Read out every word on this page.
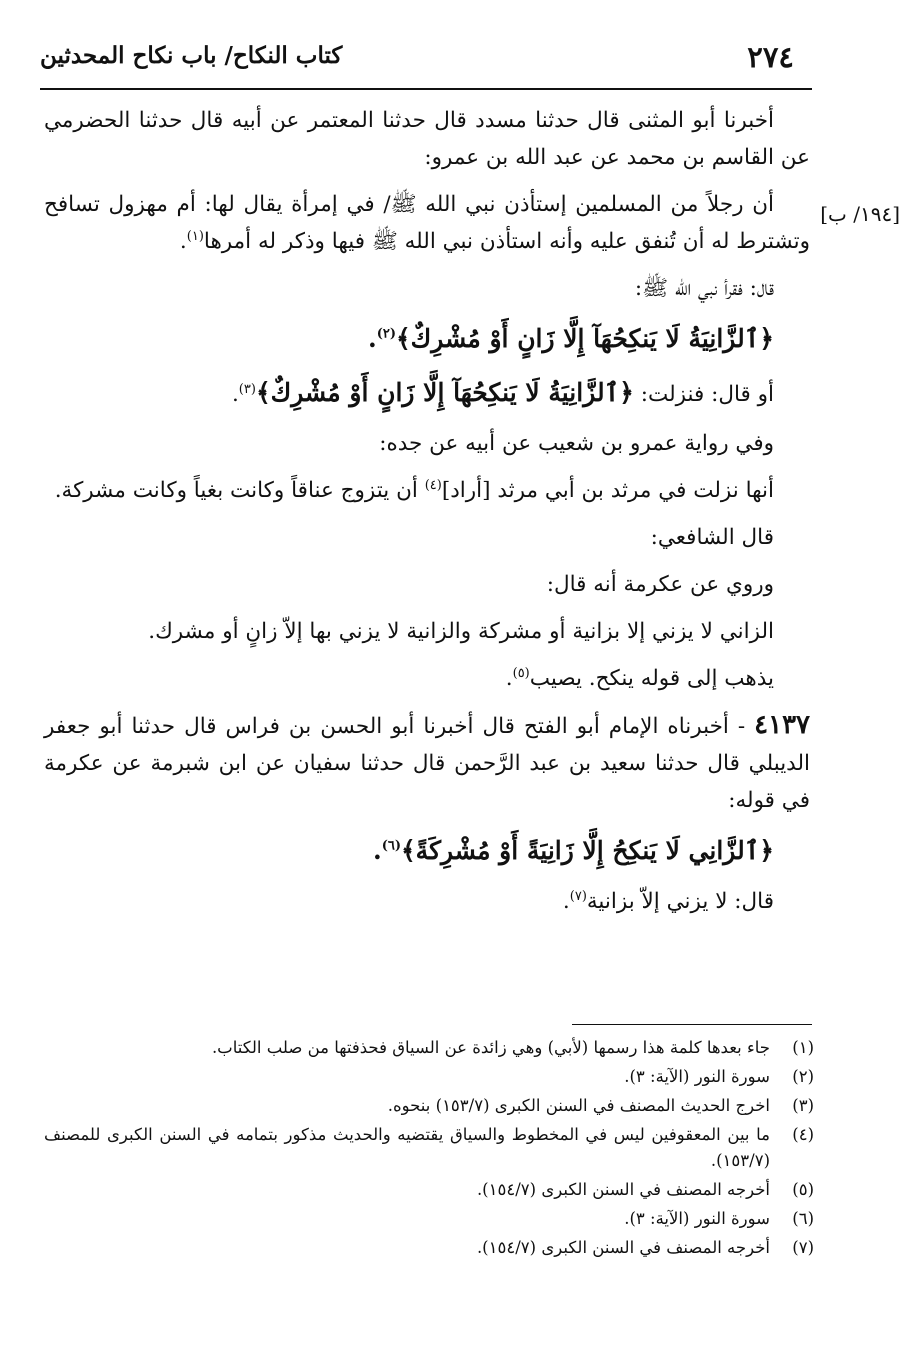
٢٧٤
كتاب النكاح/ باب نكاح المحدثين
[١٩٤/ ب]

أخبرنا أبو المثنى قال حدثنا مسدد قال حدثنا المعتمر عن أبيه قال حدثنا الحضرمي عن القاسم بن محمد عن عبد الله بن عمرو:

أن رجلاً من المسلمين إستأذن نبي الله ﷺ/ في إمرأة يقال لها: أم مهزول تسافح وتشترط له أن تُنفق عليه وأنه استأذن نبي الله ﷺ فيها وذكر له أمرها$^{(١)}$.

قال: فقرأ نبي الله ﷺ:

﴿ٱلزَّانِيَةُ لَا يَنكِحُهَآ إِلَّا زَانٍ أَوْ مُشْرِكٌ﴾$^{(٢)}$.

أو قال: فنزلت: ﴿ٱلزَّانِيَةُ لَا يَنكِحُهَآ إِلَّا زَانٍ أَوْ مُشْرِكٌ﴾$^{(٣)}$.

وفي رواية عمرو بن شعيب عن أبيه عن جده:

أنها نزلت في مرثد بن أبي مرثد [أراد]$^{(٤)}$ أن يتزوج عناقاً وكانت بغياً وكانت مشركة.

قال الشافعي:

وروي عن عكرمة أنه قال:

الزاني لا يزني إلا بزانية أو مشركة والزانية لا يزني بها إلاّ زانٍ أو مشرك.

يذهب إلى قوله ينكح. يصيب$^{(٥)}$.

٤١٣٧ - أخبرناه الإمام أبو الفتح قال أخبرنا أبو الحسن بن فراس قال حدثنا أبو جعفر الديبلي قال حدثنا سعيد بن عبد الرَّحمن قال حدثنا سفيان عن ابن شبرمة عن عكرمة في قوله:

﴿ٱلزَّانِي لَا يَنكِحُ إِلَّا زَانِيَةً أَوْ مُشْرِكَةً﴾$^{(٦)}$.

قال: لا يزني إلاّ بزانية$^{(٧)}$.

(١)
جاء بعدها كلمة هذا رسمها (لأبي) وهي زائدة عن السياق فحذفتها من صلب الكتاب.
(٢)
سورة النور (الآية: ٣).
(٣)
اخرج الحديث المصنف في السنن الكبرى (١٥٣/٧) بنحوه.
(٤)
ما بين المعقوفين ليس في المخطوط والسياق يقتضيه والحديث مذكور بتمامه في السنن الكبرى للمصنف (١٥٣/٧).
(٥)
أخرجه المصنف في السنن الكبرى (١٥٤/٧).
(٦)
سورة النور (الآية: ٣).
(٧)
أخرجه المصنف في السنن الكبرى (١٥٤/٧).
